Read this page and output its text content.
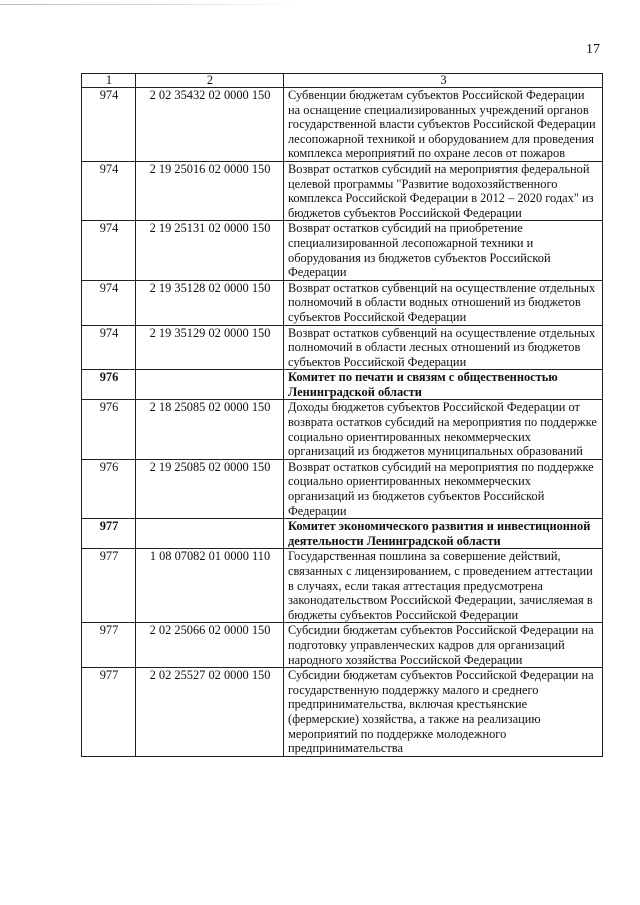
17
1	2	3
974	2 02 35432 02 0000 150	Субвенции бюджетам субъектов Российской Федерации на оснащение специализированных учреждений органов государственной власти субъектов Российской Федерации лесопожарной техникой и оборудованием для проведения комплекса мероприятий по охране лесов от пожаров
974	2 19 25016 02 0000 150	Возврат остатков субсидий на мероприятия федеральной целевой программы "Развитие водохозяйственного комплекса Российской Федерации в 2012 – 2020 годах" из бюджетов субъектов Российской Федерации
974	2 19 25131 02 0000 150	Возврат остатков субсидий на приобретение специализированной лесопожарной техники и оборудования из бюджетов субъектов Российской Федерации
974	2 19 35128 02 0000 150	Возврат остатков субвенций на осуществление отдельных полномочий в области водных отношений из бюджетов субъектов Российской Федерации
974	2 19 35129 02 0000 150	Возврат остатков субвенций на осуществление отдельных полномочий в области лесных отношений из бюджетов субъектов Российской Федерации
976		Комитет по печати и связям с общественностью Ленинградской области
976	2 18 25085 02 0000 150	Доходы бюджетов субъектов Российской Федерации от возврата остатков субсидий на мероприятия по поддержке социально ориентированных некоммерческих организаций из бюджетов муниципальных образований
976	2 19 25085 02 0000 150	Возврат остатков субсидий на мероприятия по поддержке социально ориентированных некоммерческих организаций из бюджетов субъектов Российской Федерации
977		Комитет экономического развития и инвестиционной деятельности Ленинградской области
977	1 08 07082 01 0000 110	Государственная пошлина за совершение действий, связанных с лицензированием, с проведением аттестации в случаях, если такая аттестация предусмотрена законодательством Российской Федерации, зачисляемая в бюджеты субъектов Российской Федерации
977	2 02 25066 02 0000 150	Субсидии бюджетам субъектов Российской Федерации на подготовку управленческих кадров для организаций народного хозяйства Российской Федерации
977	2 02 25527 02 0000 150	Субсидии бюджетам субъектов Российской Федерации на государственную поддержку малого и среднего предпринимательства, включая крестьянские (фермерские) хозяйства, а также на реализацию мероприятий по поддержке молодежного предпринимательства
